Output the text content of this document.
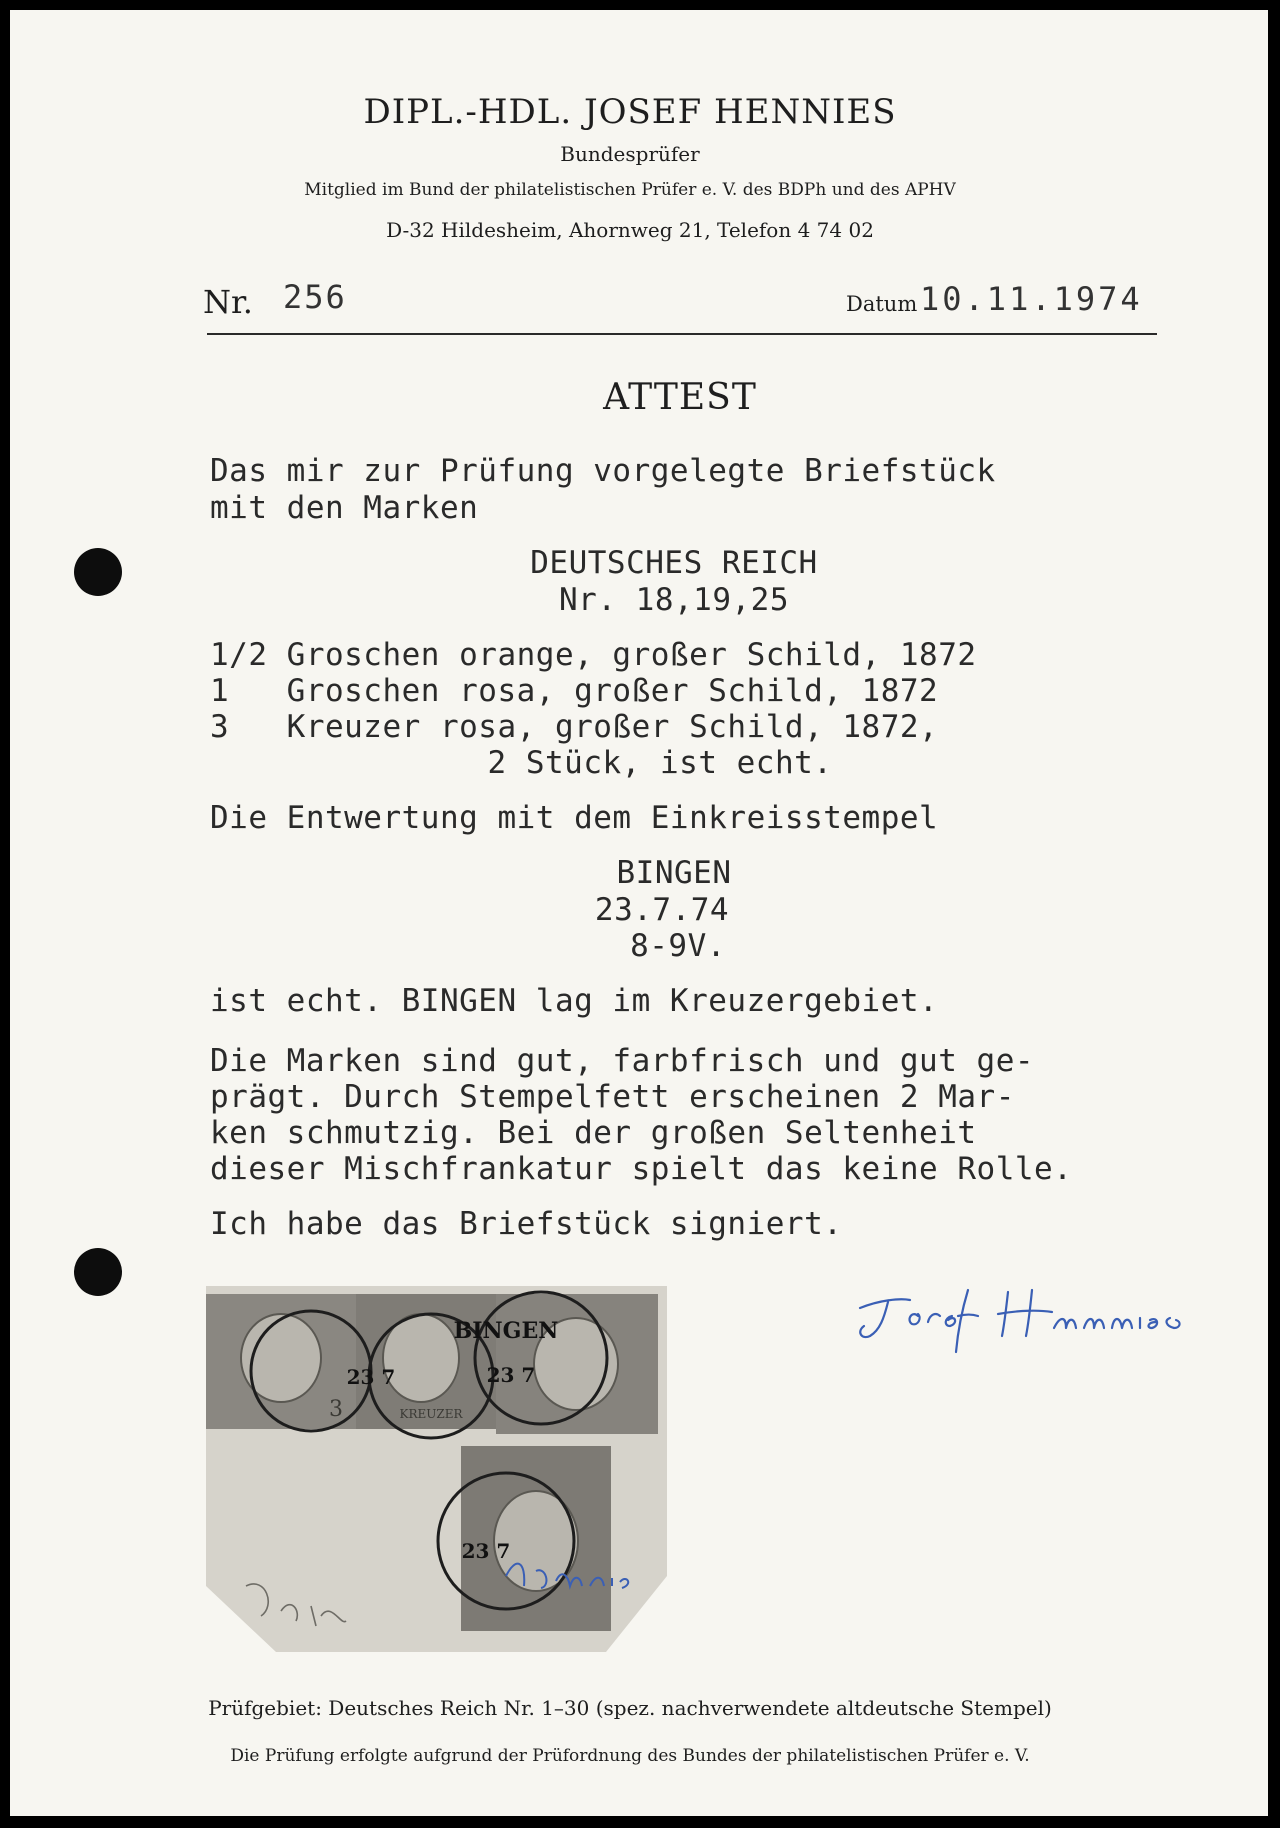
DIPL.-HDL. JOSEF HENNIES
Bundesprüfer
Mitglied im Bund der philatelistischen Prüfer e. V. des BDPh und des APHV
D-32 Hildesheim, Ahornweg 21, Telefon 4 74 02
Nr. 256	Datum 10.11.1974
ATTEST
Das mir zur Prüfung vorgelegte Briefstück
mit den Marken
DEUTSCHES REICH
Nr. 18,19,25
1/2 Groschen orange, großer Schild, 1872
1   Groschen rosa, großer Schild, 1872
3   Kreuzer rosa, großer Schild, 1872,
2 Stück, ist echt.
Die Entwertung mit dem Einkreisstempel
BINGEN
23.7.74
8-9V.
ist echt. BINGEN lag im Kreuzergebiet.
Die Marken sind gut, farbfrisch und gut ge-
prägt. Durch Stempelfett erscheinen 2 Mar-
ken schmutzig. Bei der großen Seltenheit
dieser Mischfrankatur spielt das keine Rolle.
Ich habe das Briefstück signiert.
BINGEN
23 7
23 7
23 7
KREUZER
3
Prüfgebiet: Deutsches Reich Nr. 1–30 (spez. nachverwendete altdeutsche Stempel)
Die Prüfung erfolgte aufgrund der Prüfordnung des Bundes der philatelistischen Prüfer e. V.
